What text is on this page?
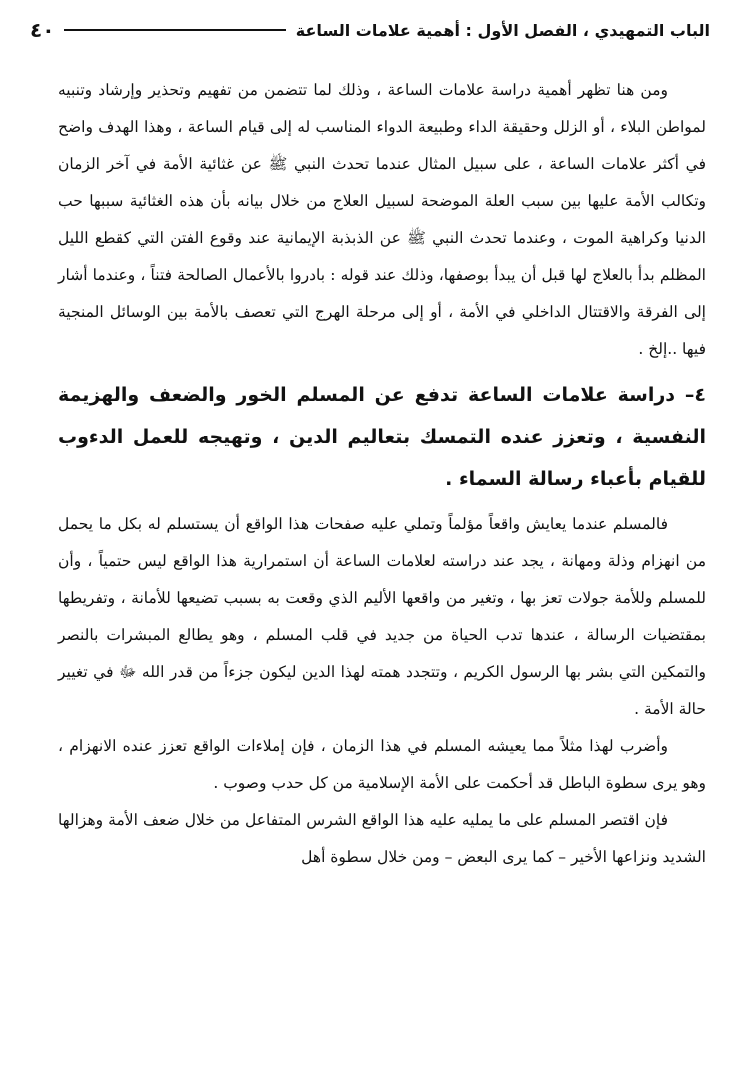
الباب التمهيدي ، الفصل الأول : أهمية علامات الساعة
٤٠

ومن هنا تظهر أهمية دراسة علامات الساعة ، وذلك لما تتضمن من تفهيم وتحذير وإرشاد وتنبيه لمواطن البلاء ، أو الزلل وحقيقة الداء وطبيعة الدواء المناسب له إلى قيام الساعة ، وهذا الهدف واضح في أكثر علامات الساعة ، على سبيل المثال عندما تحدث النبي ﷺ عن غثائية الأمة في آخر الزمان وتكالب الأمة عليها بين سبب العلة الموضحة لسبيل العلاج من خلال بيانه بأن هذه الغثائية سببها حب الدنيا وكراهية الموت ، وعندما تحدث النبي ﷺ عن الذبذبة الإيمانية عند وقوع الفتن التي كقطع الليل المظلم بدأ بالعلاج لها قبل أن يبدأ بوصفها، وذلك عند قوله : بادروا بالأعمال الصالحة فتناً ، وعندما أشار إلى الفرقة والاقتتال الداخلي في الأمة ، أو إلى مرحلة الهرج التي تعصف بالأمة بين الوسائل المنجية فيها ..إلخ .

٤– دراسة علامات الساعة تدفع عن المسلم الخور والضعف والهزيمة النفسية ، وتعزز عنده التمسك بتعاليم الدين ، وتهيجه للعمل الدءوب للقيام بأعباء رسالة السماء .

فالمسلم عندما يعايش واقعاً مؤلماً وتملي عليه صفحات هذا الواقع أن يستسلم له بكل ما يحمل من انهزام وذلة ومهانة ، يجد عند دراسته لعلامات الساعة أن استمرارية هذا الواقع ليس حتمياً ، وأن للمسلم وللأمة جولات تعز بها ، وتغير من واقعها الأليم الذي وقعت به بسبب تضيعها للأمانة ، وتفريطها بمقتضيات الرسالة ، عندها تدب الحياة من جديد في قلب المسلم ، وهو يطالع المبشرات بالنصر والتمكين التي بشر بها الرسول الكريم ، وتتجدد همته لهذا الدين ليكون جزءاً من قدر الله ﷻ في تغيير حالة الأمة .

وأضرب لهذا مثلاً مما يعيشه المسلم في هذا الزمان ، فإن إملاءات الواقع تعزز عنده الانهزام ، وهو يرى سطوة الباطل قد أحكمت على الأمة الإسلامية من كل حدب وصوب .

فإن اقتصر المسلم على ما يمليه عليه هذا الواقع الشرس المتفاعل من خلال ضعف الأمة وهزالها الشديد ونزاعها الأخير – كما يرى البعض – ومن خلال سطوة أهل
